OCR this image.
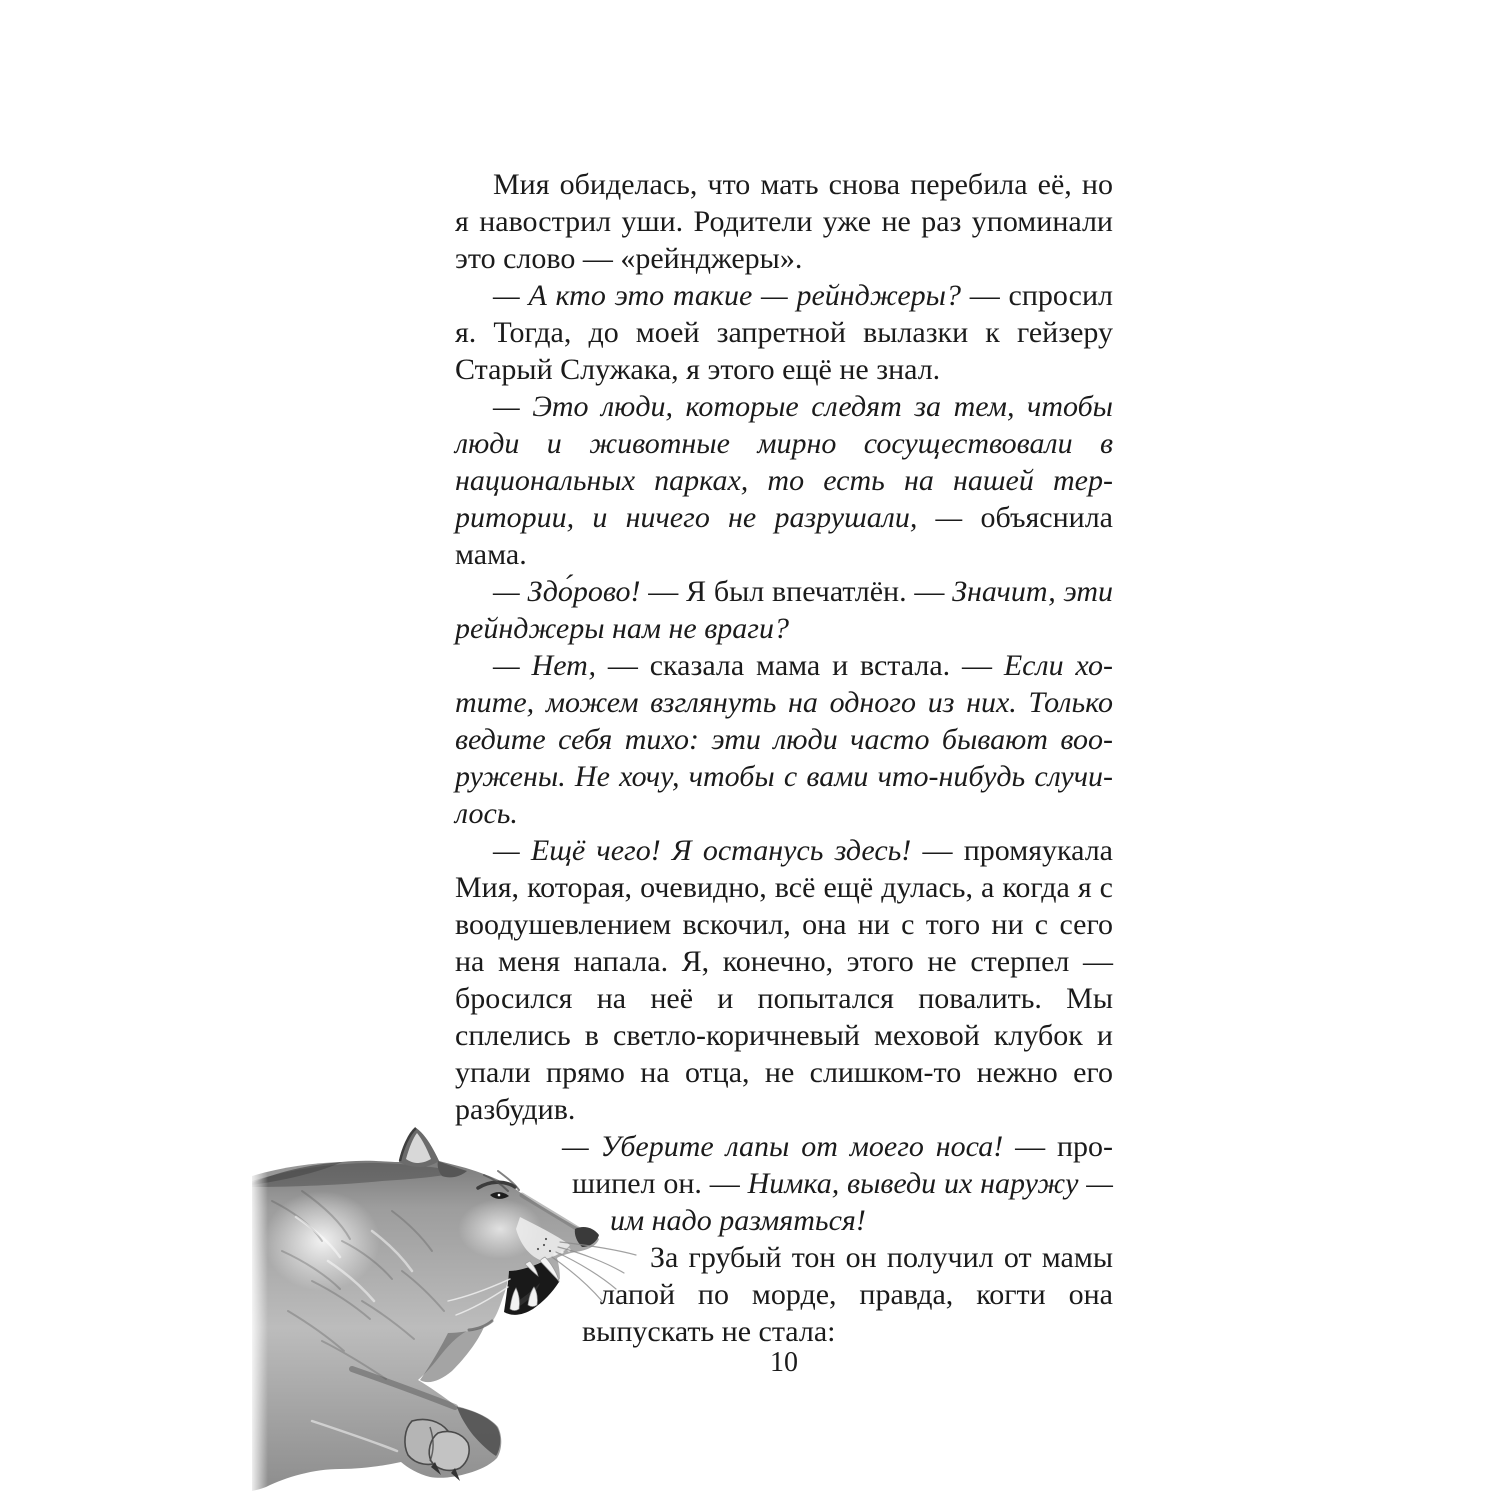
Мия обиделась, что мать снова перебила её, но я навострил уши. Родители уже не раз упоминали это слово — «рейнджеры».

— А кто это такие — рейнджеры? — спросил я. Тогда, до моей запретной вылазки к гейзеру Старый Служака, я этого ещё не знал.

— Это люди, которые следят за тем, чтобы люди и животные мирно сосуществовали в национальных парках, то есть на нашей территории, и ничего не разрушали, — объяснила мама.

— Здо́рово! — Я был впечатлён. — Значит, эти рейнджеры нам не враги?

— Нет, — сказала мама и встала. — Если хотите, можем взглянуть на одного из них. Только ведите себя тихо: эти люди часто бывают вооружены. Не хочу, чтобы с вами что-нибудь случилось.

— Ещё чего! Я останусь здесь! — промяукала Мия, которая, очевидно, всё ещё дулась, а когда я с воодушевлением вскочил, она ни с того ни с сего на меня напала. Я, конечно, этого не стерпел — бросился на неё и попытался повалить. Мы сплелись в светло-коричневый меховой клубок и упали прямо на отца, не слишком-то нежно его разбудив.

— Уберите лапы от моего носа! — прошипел он. — Нимка, выведи их наружу — им надо размяться!

За грубый тон он получил от мамы лапой по морде, правда, когти она выпускать не стала:

10
